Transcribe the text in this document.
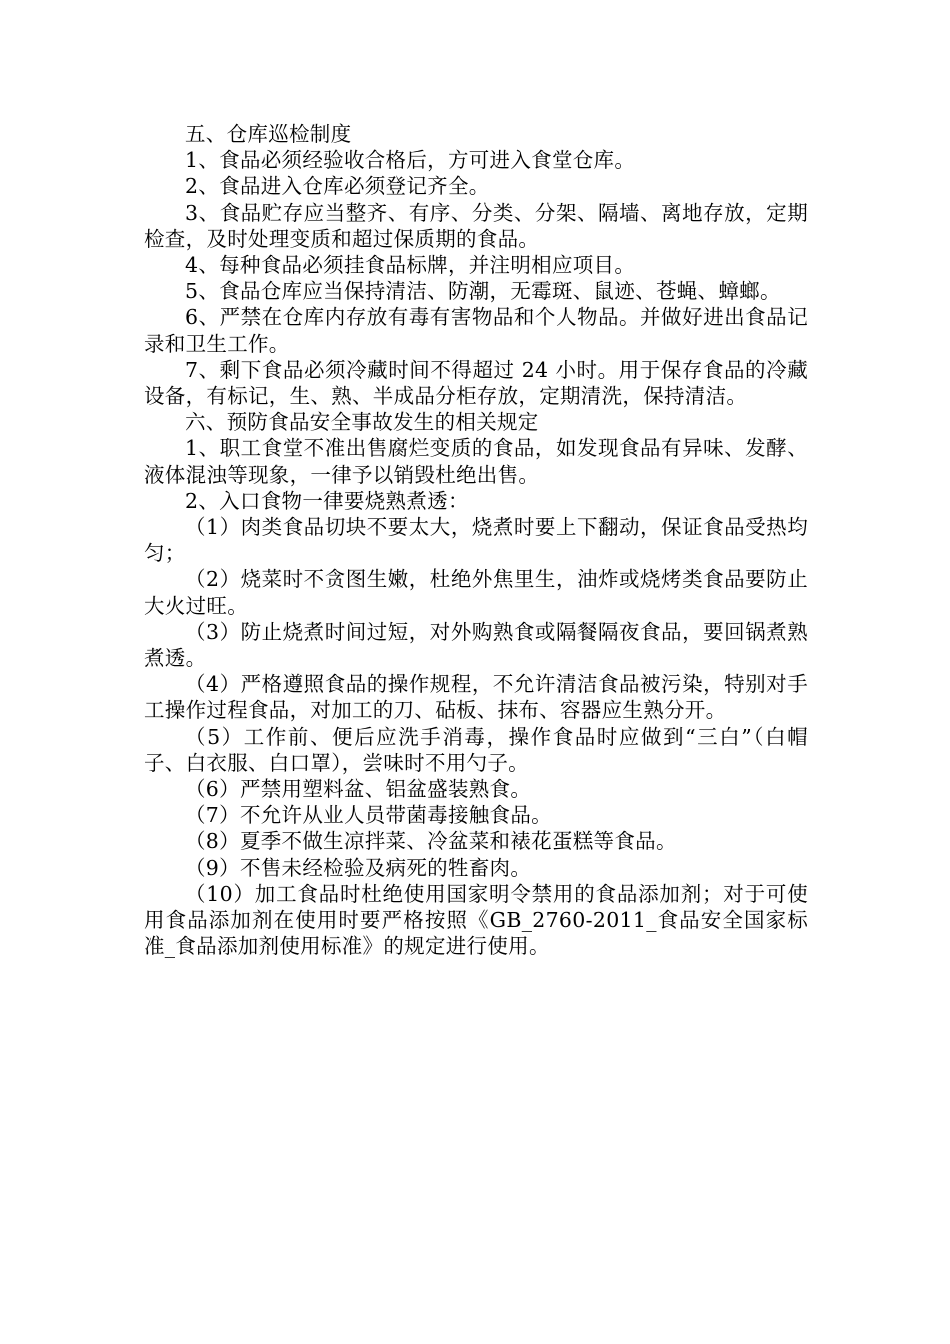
五、仓库巡检制度

1、食品必须经验收合格后，方可进入食堂仓库。

2、食品进入仓库必须登记齐全。

3、食品贮存应当整齐、有序、分类、分架、隔墙、离地存放，定期检查，及时处理变质和超过保质期的食品。

4、每种食品必须挂食品标牌，并注明相应项目。

5、食品仓库应当保持清洁、防潮，无霉斑、鼠迹、苍蝇、蟑螂。

6、严禁在仓库内存放有毒有害物品和个人物品。并做好进出食品记录和卫生工作。

7、剩下食品必须冷藏时间不得超过 24 小时。用于保存食品的冷藏设备，有标记，生、熟、半成品分柜存放，定期清洗，保持清洁。

六、预防食品安全事故发生的相关规定

1、职工食堂不准出售腐烂变质的食品，如发现食品有异味、发酵、液体混浊等现象，一律予以销毁杜绝出售。

2、入口食物一律要烧熟煮透：

（1）肉类食品切块不要太大，烧煮时要上下翻动，保证食品受热均匀；

（2）烧菜时不贪图生嫩，杜绝外焦里生，油炸或烧烤类食品要防止大火过旺。

（3）防止烧煮时间过短，对外购熟食或隔餐隔夜食品，要回锅煮熟煮透。

（4）严格遵照食品的操作规程，不允许清洁食品被污染，特别对手工操作过程食品，对加工的刀、砧板、抹布、容器应生熟分开。

（5）工作前、便后应洗手消毒，操作食品时应做到“三白”（白帽子、白衣服、白口罩），尝味时不用勺子。

（6）严禁用塑料盆、铝盆盛装熟食。

（7）不允许从业人员带菌毒接触食品。

（8）夏季不做生凉拌菜、冷盆菜和裱花蛋糕等食品。

（9）不售未经检验及病死的牲畜肉。

（10）加工食品时杜绝使用国家明令禁用的食品添加剂；对于可使用食品添加剂在使用时要严格按照《GB_2760-2011_食品安全国家标准_食品添加剂使用标准》的规定进行使用。
